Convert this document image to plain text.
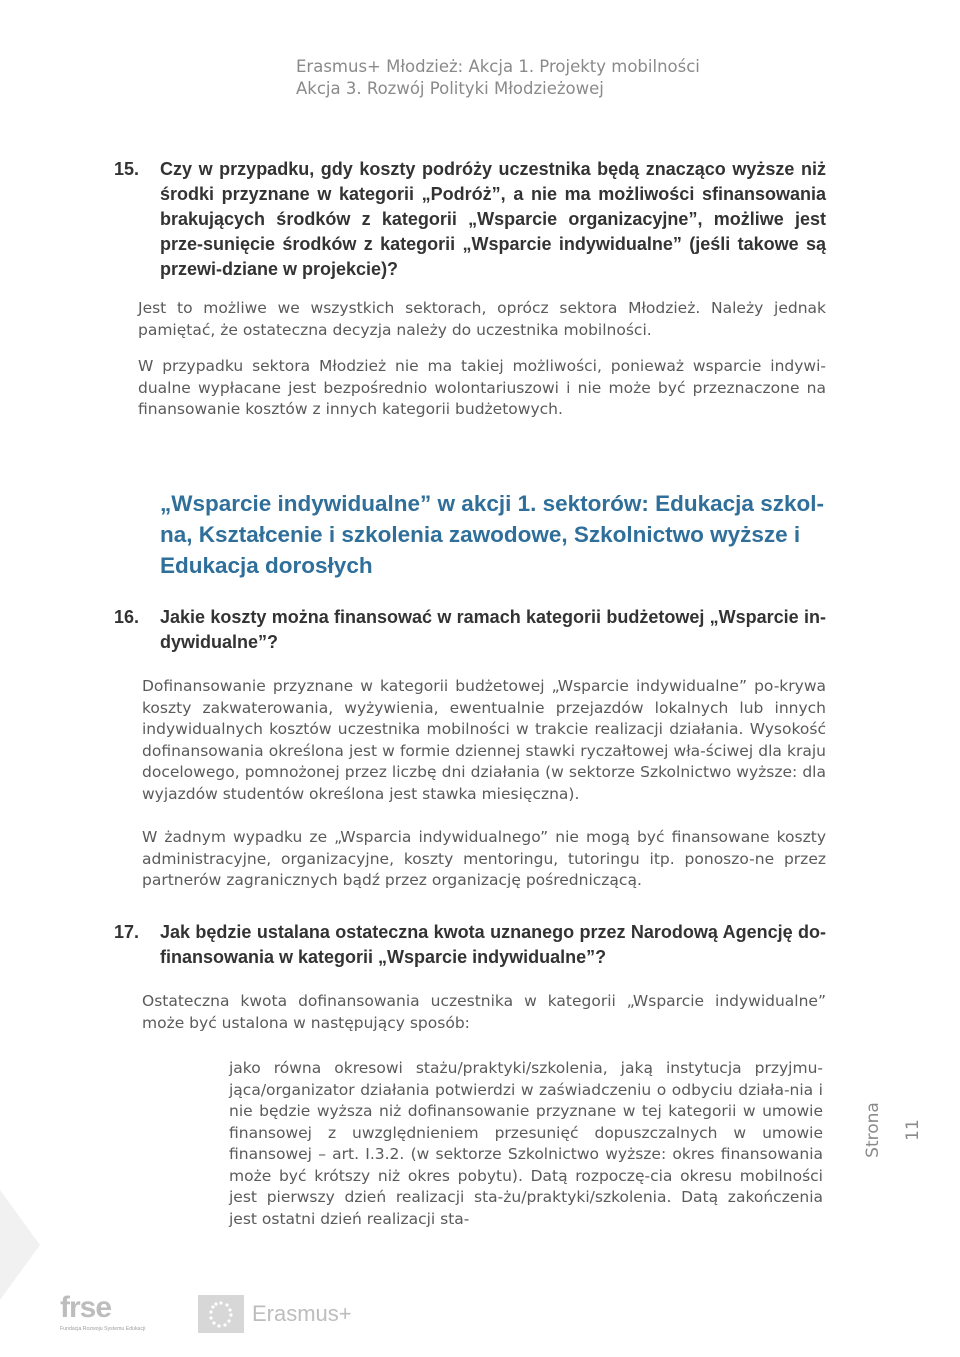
Erasmus+ Młodzież: Akcja 1. Projekty mobilności
Akcja 3. Rozwój Polityki Młodzieżowej
15. Czy w przypadku, gdy koszty podróży uczestnika będą znacząco wyższe niż środki przyznane w kategorii „Podróż”, a nie ma możliwości sfinansowania brakujących środków z kategorii „Wsparcie organizacyjne”, możliwe jest prze-sunięcie środków z kategorii „Wsparcie indywidualne” (jeśli takowe są przewi-dziane w projekcie)?

Jest to możliwe we wszystkich sektorach, oprócz sektora Młodzież. Należy jednak pamiętać, że ostateczna decyzja należy do uczestnika mobilności.

W przypadku sektora Młodzież nie ma takiej możliwości, ponieważ wsparcie indywi-dualne wypłacane jest bezpośrednio wolontariuszowi i nie może być przeznaczone na finansowanie kosztów z innych kategorii budżetowych.

„Wsparcie indywidualne” w akcji 1. sektorów: Edukacja szkol-na, Kształcenie i szkolenia zawodowe, Szkolnictwo wyższe i Edukacja dorosłych
16. Jakie koszty można finansować w ramach kategorii budżetowej „Wsparcie in-dywidualne”?

Dofinansowanie przyznane w kategorii budżetowej „Wsparcie indywidualne” po-krywa koszty zakwaterowania, wyżywienia, ewentualnie przejazdów lokalnych lub innych indywidualnych kosztów uczestnika mobilności w trakcie realizacji działania. Wysokość dofinansowania określona jest w formie dziennej stawki ryczałtowej wła-ściwej dla kraju docelowego, pomnożonej przez liczbę dni działania (w sektorze Szkolnictwo wyższe: dla wyjazdów studentów określona jest stawka miesięczna).

W żadnym wypadku ze „Wsparcia indywidualnego” nie mogą być finansowane koszty administracyjne, organizacyjne, koszty mentoringu, tutoringu itp. ponoszo-ne przez partnerów zagranicznych bądź przez organizację pośredniczącą.

17. Jak będzie ustalana ostateczna kwota uznanego przez Narodową Agencję do-finansowania w kategorii „Wsparcie indywidualne”?

Ostateczna kwota dofinansowania uczestnika w kategorii „Wsparcie indywidualne” może być ustalona w następujący sposób:

jako równa okresowi stażu/praktyki/szkolenia, jaką instytucja przyjmu-jąca/organizator działania potwierdzi w zaświadczeniu o odbyciu działa-nia i nie będzie wyższa niż dofinansowanie przyznane w tej kategorii w umowie finansowej z uwzględnieniem przesunięć dopuszczalnych w umowie finansowej – art. I.3.2. (w sektorze Szkolnictwo wyższe: okres finansowania może być krótszy niż okres pobytu). Datą rozpoczę-cia okresu mobilności jest pierwszy dzień realizacji sta-żu/praktyki/szkolenia. Datą zakończenia jest ostatni dzień realizacji sta-

Strona 11
frse
Fundacja Rozwoju Systemu Edukacji
Erasmus+
